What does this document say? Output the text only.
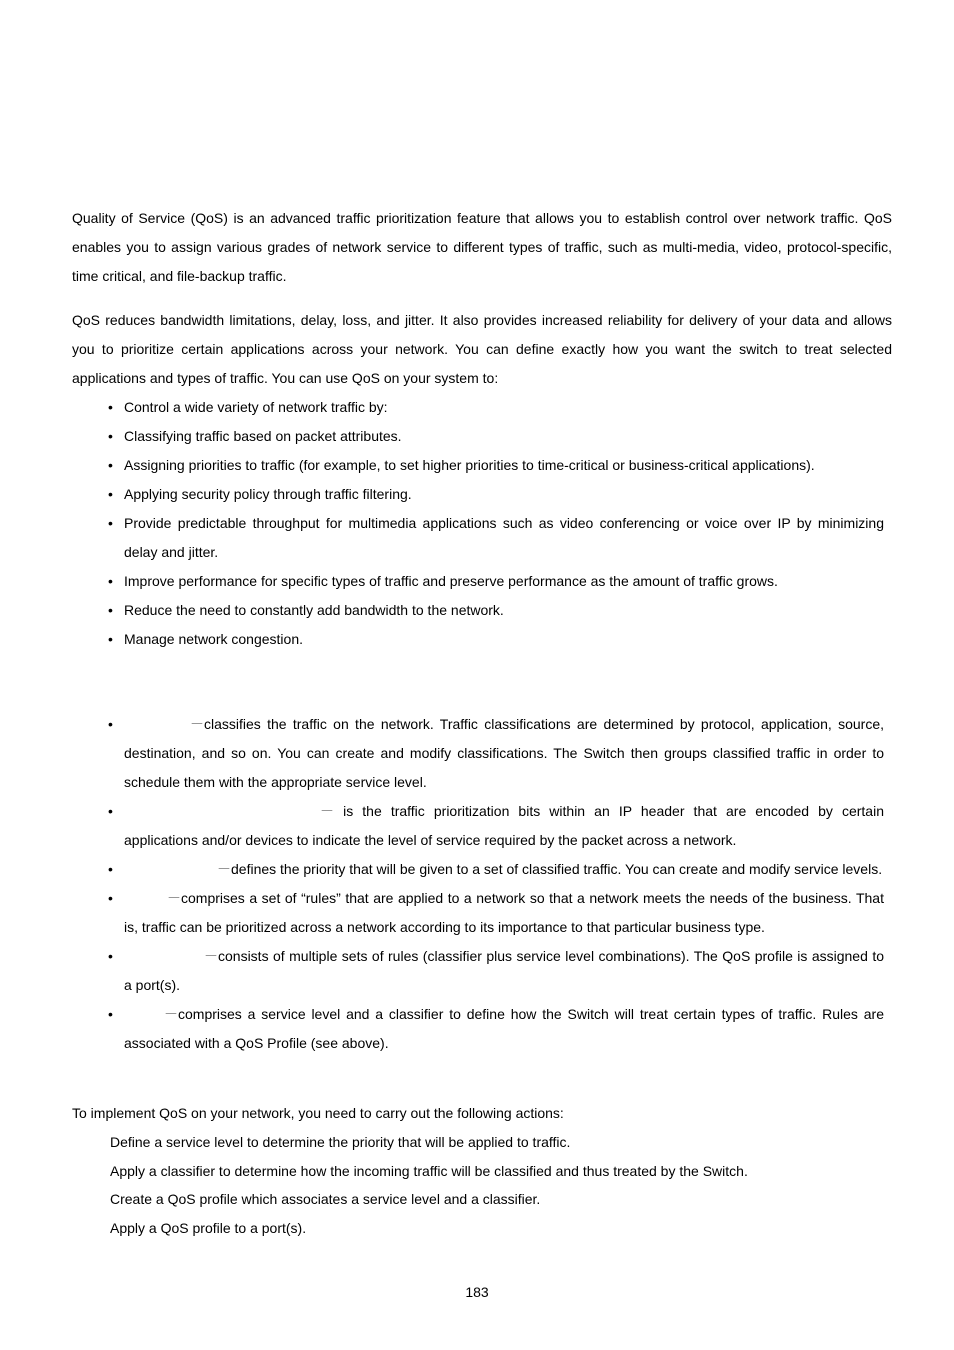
Quality of Service (QoS) is an advanced traffic prioritization feature that allows you to establish control over network traffic. QoS enables you to assign various grades of network service to different types of traffic, such as multi-media, video, protocol-specific, time critical, and file-backup traffic.

QoS reduces bandwidth limitations, delay, loss, and jitter. It also provides increased reliability for delivery of your data and allows you to prioritize certain applications across your network. You can define exactly how you want the switch to treat selected applications and types of traffic. You can use QoS on your system to:

• Control a wide variety of network traffic by:
• Classifying traffic based on packet attributes.
• Assigning priorities to traffic (for example, to set higher priorities to time-critical or business-critical applications).
• Applying security policy through traffic filtering.
• Provide predictable throughput for multimedia applications such as video conferencing or voice over IP by minimizing delay and jitter.
• Improve performance for specific types of traffic and preserve performance as the amount of traffic grows.
• Reduce the need to constantly add bandwidth to the network.
• Manage network congestion.
•	－classifies the traffic on the network. Traffic classifications are determined by protocol, application, source, destination, and so on. You can create and modify classifications. The Switch then groups classified traffic in order to schedule them with the appropriate service level.
•	－ is the traffic prioritization bits within an IP header that are encoded by certain applications and/or devices to indicate the level of service required by the packet across a network.
•	－defines the priority that will be given to a set of classified traffic. You can create and modify service levels.
•	－comprises a set of “rules” that are applied to a network so that a network meets the needs of the business. That is, traffic can be prioritized across a network according to its importance to that particular business type.
•	－consists of multiple sets of rules (classifier plus service level combinations). The QoS profile is assigned to a port(s).
•	－comprises a service level and a classifier to define how the Switch will treat certain types of traffic. Rules are associated with a QoS Profile (see above).

To implement QoS on your network, you need to carry out the following actions:

Define a service level to determine the priority that will be applied to traffic.
Apply a classifier to determine how the incoming traffic will be classified and thus treated by the Switch.
Create a QoS profile which associates a service level and a classifier.
Apply a QoS profile to a port(s).
183
